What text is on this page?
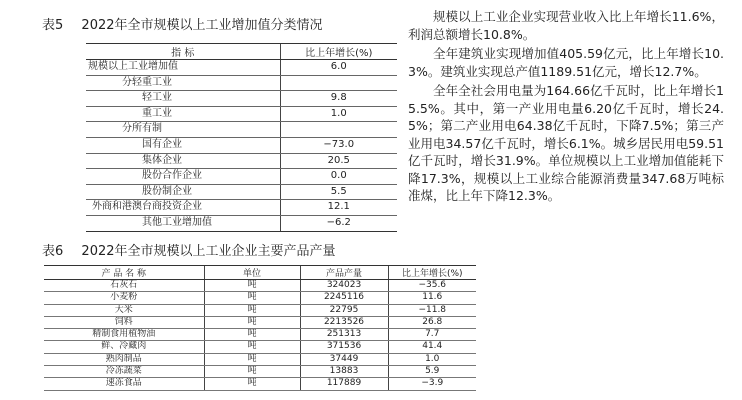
表5 2022年全市规模以上工业增加值分类情况
指 标	比上年增长(%)
规模以上工业增加值	6.0
分轻重工业	
轻工业	9.8
重工业	1.0
分所有制	
国有企业	−73.0
集体企业	20.5
股份合作企业	0.0
股份制企业	5.5
外商和港澳台商投资企业	12.1
其他工业增加值	−6.2
表6 2022年全市规模以上工业企业主要产品产量
产 品 名 称	单位	产品产量	比上年增长(%)
石灰石	吨	324023	−35.6
小麦粉	吨	2245116	11.6
大米	吨	22795	−11.8
饲料	吨	2213526	26.8
精制食用植物油	吨	251313	7.7
鲜、冷藏肉	吨	371536	41.4
熟肉制品	吨	37449	1.0
冷冻蔬菜	吨	13883	5.9
速冻食品	吨	117889	−3.9

规模以上工业企业实现营业收入比上年增长11.6%，利润总额增长10.8%。

全年建筑业实现增加值405.59亿元，比上年增长10.3%。建筑业实现总产值1189.51亿元，增长12.7%。

全年全社会用电量为164.66亿千瓦时，比上年增长15.5%。其中，第一产业用电量6.20亿千瓦时，增长24.5%；第二产业用电64.38亿千瓦时，下降7.5%；第三产业用电34.57亿千瓦时，增长6.1%。城乡居民用电59.51亿千瓦时，增长31.9%。单位规模以上工业增加值能耗下降17.3%，规模以上工业综合能源消费量347.68万吨标准煤，比上年下降12.3%。
